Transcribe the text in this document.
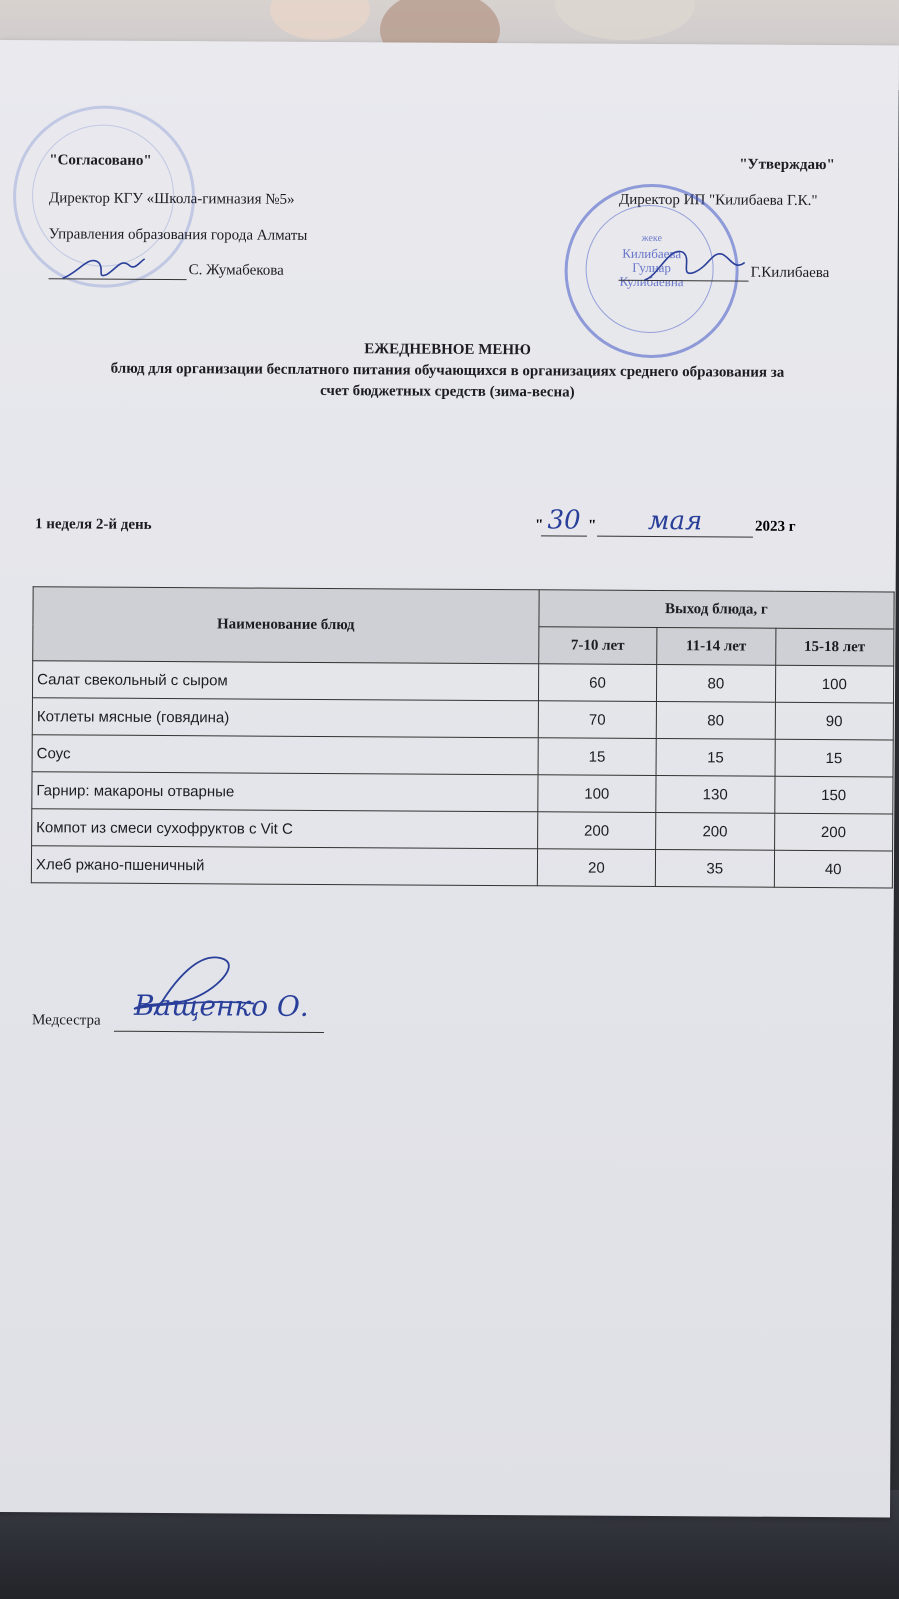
"Согласовано"
Директор КГУ «Школа-гимназия №5»
Управления образования города Алматы
С. Жумабекова
"Утверждаю"
Директор ИП "Килибаева Г.К."
жеке
Килибаева Гулнар Кулибаевна
Г.Килибаева
ЕЖЕДНЕВНОЕ МЕНЮ
блюд для организации бесплатного питания обучающихся в организациях среднего образования за
счет бюджетных средств (зима-весна)
1 неделя 2-й день	" 30 "	мая	2023 г
Наименование блюд	Выход блюда, г		
	7-10 лет	11-14 лет	15-18 лет
Салат свекольный с сыром	60	80	100
Котлеты мясные (говядина)	70	80	90
Соус	15	15	15
Гарнир: макароны отварные	100	130	150
Компот из смеси сухофруктов с Vit C	200	200	200
Хлеб ржано-пшеничный	20	35	40
Медсестра Ващенко О.
